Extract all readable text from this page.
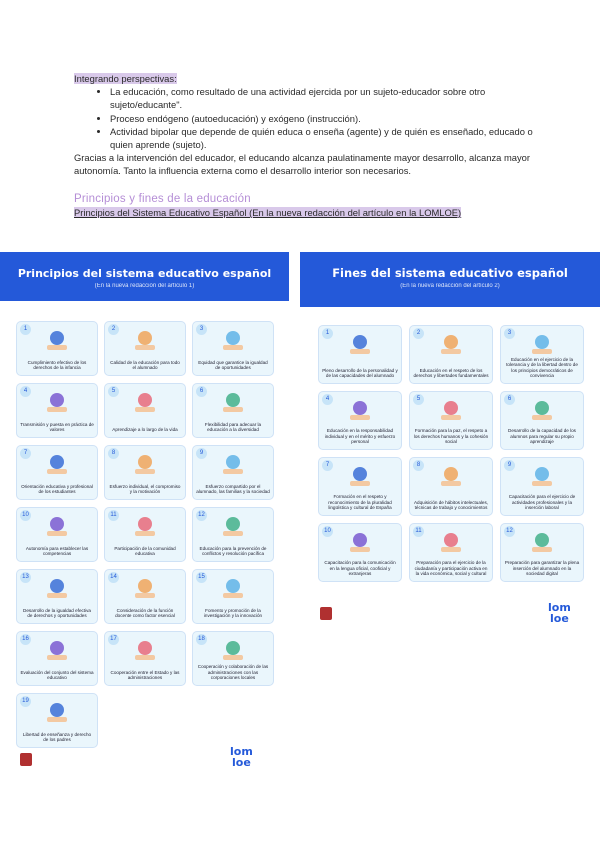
Integrando perspectivas:
• La educación, como resultado de una actividad ejercida por un sujeto-educador sobre otro sujeto/educante".
• Proceso endógeno (autoeducación) y exógeno (instrucción).
• Actividad bipolar que depende de quién educa o enseña (agente) y de quién es enseñado, educado o quien aprende (sujeto).

Gracias a la intervención del educador, el educando alcanza paulatinamente mayor desarrollo, alcanza mayor autonomía. Tanto la influencia externa como el desarrollo interior son necesarios.

Principios y fines de la educación
Principios del Sistema Educativo Español (En la nueva redacción del artículo en la LOMLOE)
Principios del sistema educativo español
(En la nueva redacción del artículo 1)
1
Cumplimiento efectivo de los derechos de la infancia
2
Calidad de la educación para todo el alumnado
3
Equidad que garantice la igualdad de oportunidades
4
Transmisión y puesta en práctica de valores
5
Aprendizaje a lo largo de la vida
6
Flexibilidad para adecuar la educación a la diversidad
7
Orientación educativa y profesional de los estudiantes
8
Esfuerzo individual, el compromiso y la motivación
9
Esfuerzo compartido por el alumnado, las familias y la sociedad
10
Autonomía para establecer las competencias
11
Participación de la comunidad educativa
12
Educación para la prevención de conflictos y resolución pacífica
13
Desarrollo de la igualdad efectiva de derechos y oportunidades
14
Consideración de la función docente como factor esencial
15
Fomento y promoción de la investigación y la innovación
16
Evaluación del conjunto del sistema educativo
17
Cooperación entre el Estado y las administraciones
18
Cooperación y colaboración de las administraciones con las corporaciones locales
19
Libertad de enseñanza y derecho de los padres
lom
loe
Fines del sistema educativo español
(En la nueva redacción del artículo 2)
1
Pleno desarrollo de la personalidad y de las capacidades del alumnado
2
Educación en el respeto de los derechos y libertades fundamentales
3
Educación en el ejercicio de la tolerancia y de la libertad dentro de los principios democráticos de convivencia
4
Educación en la responsabilidad individual y en el mérito y esfuerzo personal
5
Formación para la paz, el respeto a los derechos humanos y la cohesión social
6
Desarrollo de la capacidad de los alumnos para regular su propio aprendizaje
7
Formación en el respeto y reconocimiento de la pluralidad lingüística y cultural de España
8
Adquisición de hábitos intelectuales, técnicas de trabajo y conocimientos
9
Capacitación para el ejercicio de actividades profesionales y la inserción laboral
10
Capacitación para la comunicación en la lengua oficial, cooficial y extranjeras
11
Preparación para el ejercicio de la ciudadanía y participación activa en la vida económica, social y cultural
12
Preparación para garantizar la plena inserción del alumnado en la sociedad digital
lom
loe
